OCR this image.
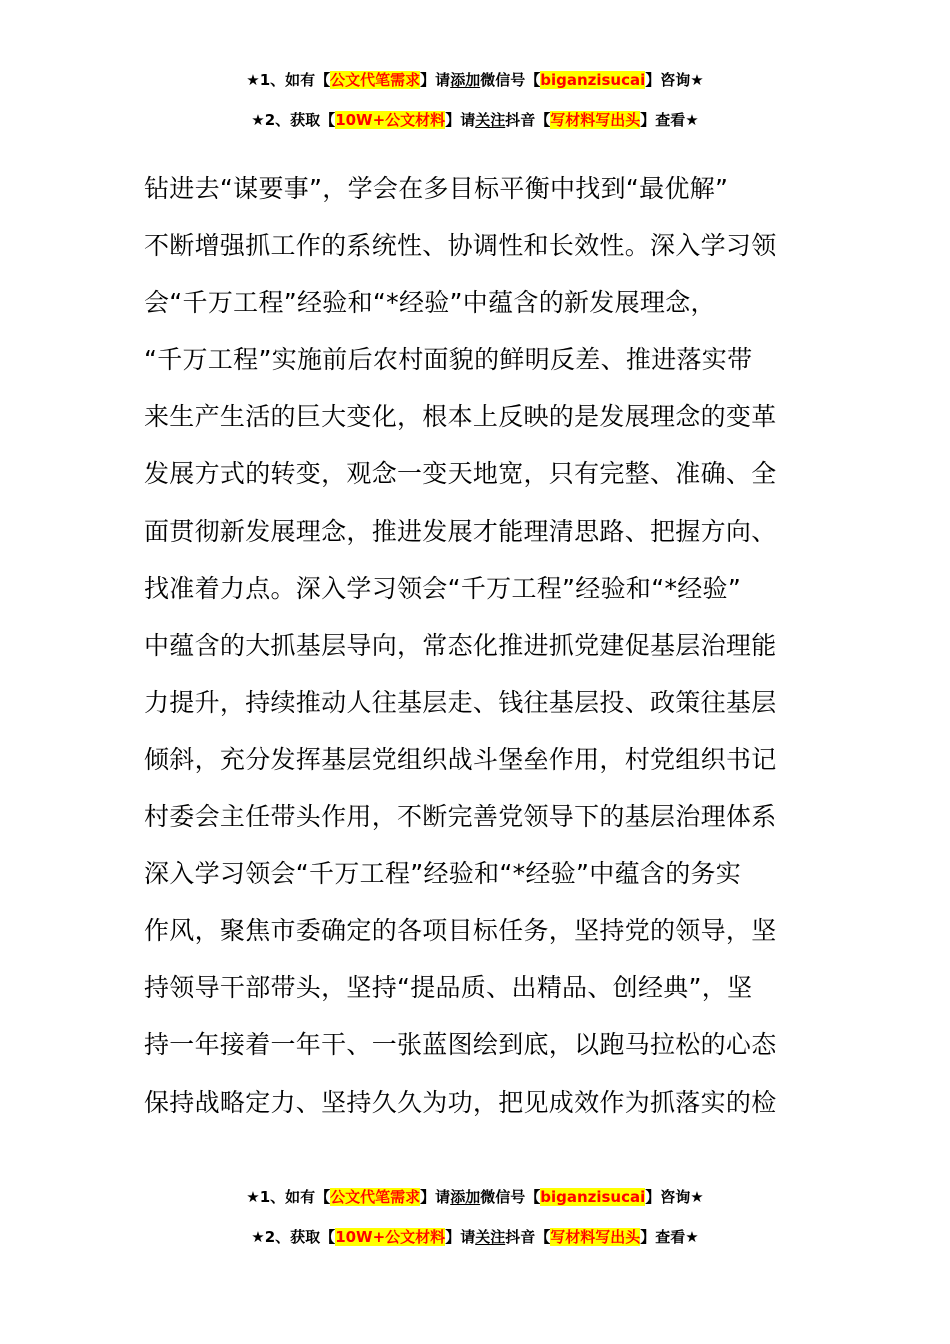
★1、如有【公文代笔需求】请添加微信号【biganzisucai】咨询★
★2、获取【10W+公文材料】请关注抖音【写材料写出头】查看★
钻进去“谋要事”，学会在多目标平衡中找到“最优解”
不断增强抓工作的系统性、协调性和长效性。深入学习领
会“千万工程”经验和“*经验”中蕴含的新发展理念，
“千万工程”实施前后农村面貌的鲜明反差、推进落实带
来生产生活的巨大变化，根本上反映的是发展理念的变革
发展方式的转变，观念一变天地宽，只有完整、准确、全
面贯彻新发展理念，推进发展才能理清思路、把握方向、
找准着力点。深入学习领会“千万工程”经验和“*经验”
中蕴含的大抓基层导向，常态化推进抓党建促基层治理能
力提升，持续推动人往基层走、钱往基层投、政策往基层
倾斜，充分发挥基层党组织战斗堡垒作用，村党组织书记
村委会主任带头作用，不断完善党领导下的基层治理体系
深入学习领会“千万工程”经验和“*经验”中蕴含的务实
作风，聚焦市委确定的各项目标任务，坚持党的领导，坚
持领导干部带头，坚持“提品质、出精品、创经典”，坚
持一年接着一年干、一张蓝图绘到底，以跑马拉松的心态
保持战略定力、坚持久久为功，把见成效作为抓落实的检
★1、如有【公文代笔需求】请添加微信号【biganzisucai】咨询★
★2、获取【10W+公文材料】请关注抖音【写材料写出头】查看★
